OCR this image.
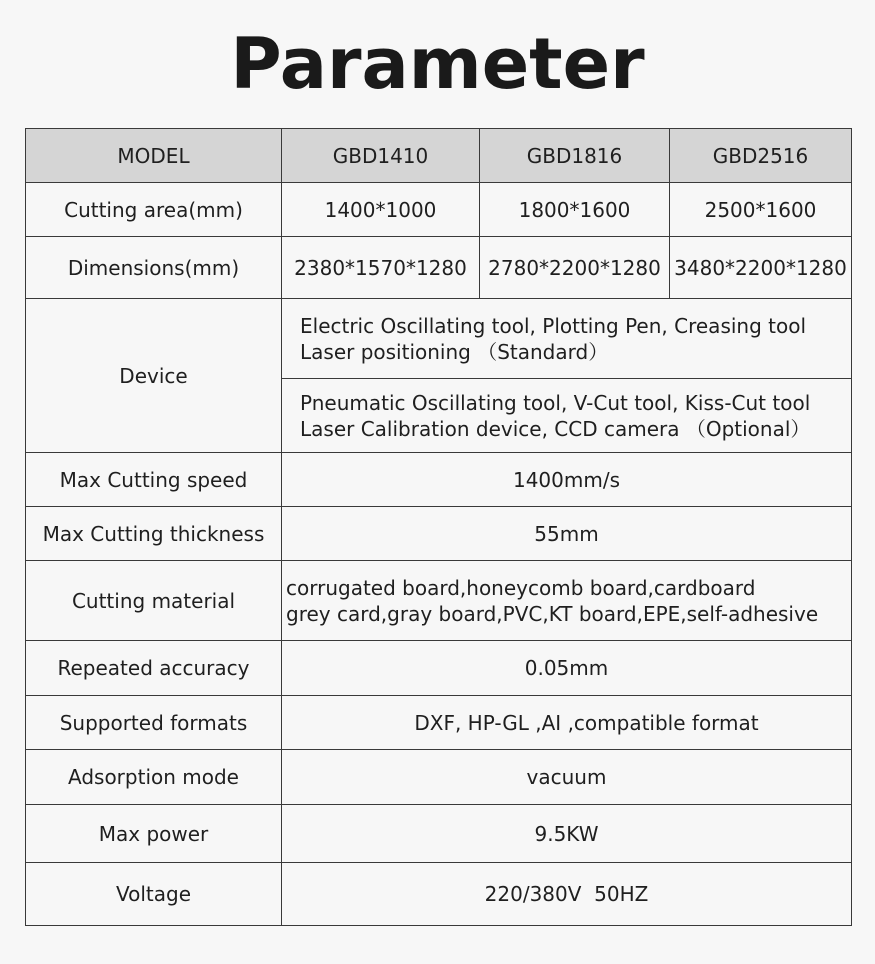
Parameter
MODEL	GBD1410	GBD1816	GBD2516
Cutting area(mm)	1400*1000	1800*1600	2500*1600
Dimensions(mm)	2380*1570*1280	2780*2200*1280	3480*2200*1280
Device	Electric Oscillating tool, Plotting Pen, Creasing tool
Laser positioning （Standard）		

	Pneumatic Oscillating tool, V-Cut tool, Kiss-Cut tool
Laser Calibration device, CCD camera （Optional）		

Max Cutting speed	1400mm/s		
Max Cutting thickness	55mm		
Cutting material	corrugated board,honeycomb board,cardboard
grey card,gray board,PVC,KT board,EPE,self-adhesive		

Repeated accuracy	0.05mm		
Supported formats	DXF, HP-GL ,AI ,compatible format		
Adsorption mode	vacuum		
Max power	9.5KW		
Voltage	220/380V  50HZ		
